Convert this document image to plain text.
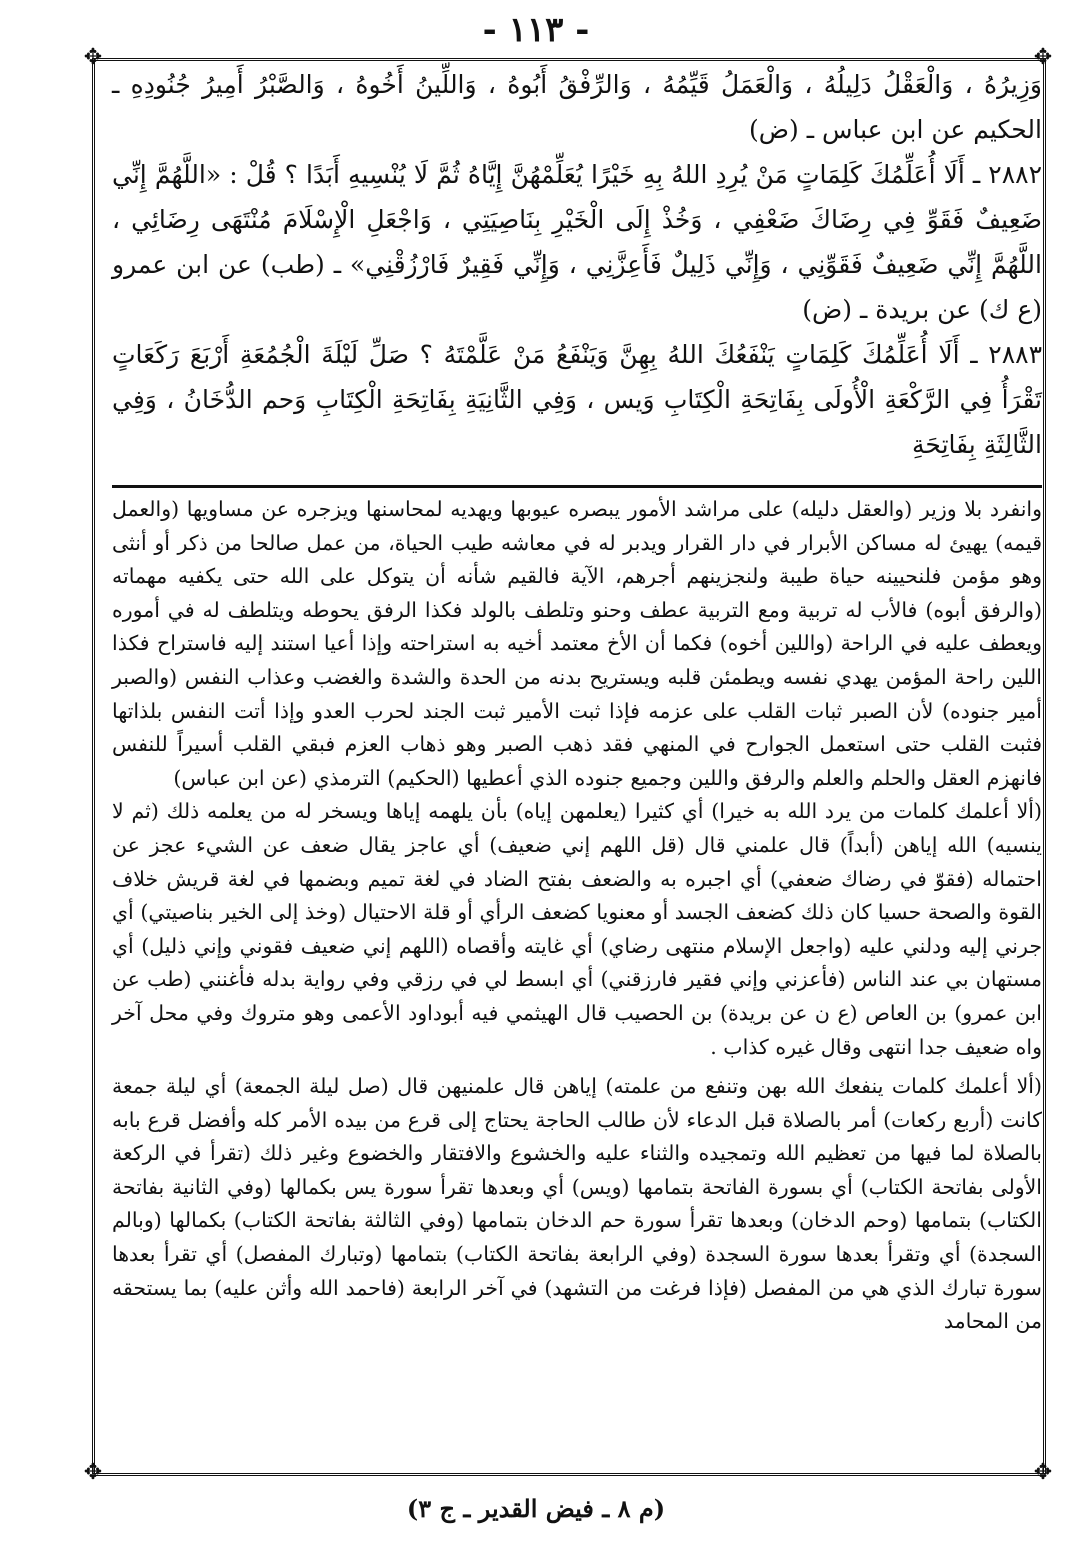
- ١١٣ -
✥	✥
✥	✥

وَزِيرُهُ ، وَالْعَقْلُ دَلِيلُهُ ، وَالْعَمَلُ قَيِّمُهُ ، وَالرِّفْقُ أَبُوهُ ، وَاللِّينُ أَخُوهُ ، وَالصَّبْرُ أَمِيرُ جُنُودِهِ ـ الحكيم عن ابن عباس ـ (ض)

٢٨٨٢ ـ أَلَا أُعَلِّمُكَ كَلِمَاتٍ مَنْ يُرِدِ اللهُ بِهِ خَيْرًا يُعَلِّمْهُنَّ إِيَّاهُ ثُمَّ لَا يُنْسِيهِ أَبَدًا ؟ قُلْ : «اللَّهُمَّ إِنِّي ضَعِيفٌ فَقَوِّ فِي رِضَاكَ ضَعْفِي ، وَخُذْ إِلَى الْخَيْرِ بِنَاصِيَتِي ، وَاجْعَلِ الْإِسْلَامَ مُنْتَهَى رِضَائِي ، اللَّهُمَّ إِنِّي ضَعِيفٌ فَقَوِّنِي ، وَإِنِّي ذَلِيلٌ فَأَعِزَّنِي ، وَإِنِّي فَقِيرٌ فَارْزُقْنِي» ـ (طب) عن ابن عمرو (ع ك) عن بريدة ـ (ض)

٢٨٨٣ ـ أَلَا أُعَلِّمُكَ كَلِمَاتٍ يَنْفَعُكَ اللهُ بِهِنَّ وَيَنْفَعُ مَنْ عَلَّمْتَهُ ؟ صَلِّ لَيْلَةَ الْجُمُعَةِ أَرْبَعَ رَكَعَاتٍ تَقْرَأُ فِي الرَّكْعَةِ الْأُولَى بِفَاتِحَةِ الْكِتَابِ وَيس ، وَفِي الثَّانِيَةِ بِفَاتِحَةِ الْكِتَابِ وَحم الدُّخَانُ ، وَفِي الثَّالِثَةِ بِفَاتِحَةِ

وانفرد بلا وزير (والعقل دليله) على مراشد الأمور يبصره عيوبها ويهديه لمحاسنها ويزجره عن مساويها (والعمل قيمه) يهيئ له مساكن الأبرار في دار القرار ويدبر له في معاشه طيب الحياة، من عمل صالحا من ذكر أو أنثى وهو مؤمن فلنحيينه حياة طيبة ولنجزينهم أجرهم، الآية فالقيم شأنه أن يتوكل على الله حتى يكفيه مهماته (والرفق أبوه) فالأب له تربية ومع التربية عطف وحنو وتلطف بالولد فكذا الرفق يحوطه ويتلطف له في أموره ويعطف عليه في الراحة (واللين أخوه) فكما أن الأخ معتمد أخيه به استراحته وإذا أعيا استند إليه فاستراح فكذا اللين راحة المؤمن يهدي نفسه ويطمئن قلبه ويستريح بدنه من الحدة والشدة والغضب وعذاب النفس (والصبر أمير جنوده) لأن الصبر ثبات القلب على عزمه فإذا ثبت الأمير ثبت الجند لحرب العدو وإذا أتت النفس بلذاتها فثبت القلب حتى استعمل الجوارح في المنهي فقد ذهب الصبر وهو ذهاب العزم فبقي القلب أسيراً للنفس فانهزم العقل والحلم والعلم والرفق واللين وجميع جنوده الذي أعطيها (الحكيم) الترمذي (عن ابن عباس)

(ألا أعلمك كلمات من يرد الله به خيرا) أي كثيرا (يعلمهن إياه) بأن يلهمه إياها ويسخر له من يعلمه ذلك (ثم لا ينسيه) الله إياهن (أبداً) قال علمني قال (قل اللهم إني ضعيف) أي عاجز يقال ضعف عن الشيء عجز عن احتماله (فقوّ في رضاك ضعفي) أي اجبره به والضعف بفتح الضاد في لغة تميم وبضمها في لغة قريش خلاف القوة والصحة حسيا كان ذلك كضعف الجسد أو معنويا كضعف الرأي أو قلة الاحتيال (وخذ إلى الخير بناصيتي) أي جرني إليه ودلني عليه (واجعل الإسلام منتهى رضاي) أي غايته وأقصاه (اللهم إني ضعيف فقوني وإني ذليل) أي مستهان بي عند الناس (فأعزني وإني فقير فارزقني) أي ابسط لي في رزقي وفي رواية بدله فأغنني (طب عن ابن عمرو) بن العاص (ع ن عن بريدة) بن الحصيب قال الهيثمي فيه أبوداود الأعمى وهو متروك وفي محل آخر واه ضعيف جدا انتهى وقال غيره كذاب .

(ألا أعلمك كلمات ينفعك الله بهن وتنفع من علمته) إياهن قال علمنيهن قال (صل ليلة الجمعة) أي ليلة جمعة كانت (أربع ركعات) أمر بالصلاة قبل الدعاء لأن طالب الحاجة يحتاج إلى قرع من بيده الأمر كله وأفضل قرع بابه بالصلاة لما فيها من تعظيم الله وتمجيده والثناء عليه والخشوع والافتقار والخضوع وغير ذلك (تقرأ في الركعة الأولى بفاتحة الكتاب) أي بسورة الفاتحة بتمامها (ويس) أي وبعدها تقرأ سورة يس بكمالها (وفي الثانية بفاتحة الكتاب) بتمامها (وحم الدخان) وبعدها تقرأ سورة حم الدخان بتمامها (وفي الثالثة بفاتحة الكتاب) بكمالها (وبالم السجدة) أي وتقرأ بعدها سورة السجدة (وفي الرابعة بفاتحة الكتاب) بتمامها (وتبارك المفصل) أي تقرأ بعدها سورة تبارك الذي هي من المفصل (فإذا فرغت من التشهد) في آخر الرابعة (فاحمد الله وأثن عليه) بما يستحقه من المحامد

(م ٨ ـ فيض القدير ـ ج ٣)
